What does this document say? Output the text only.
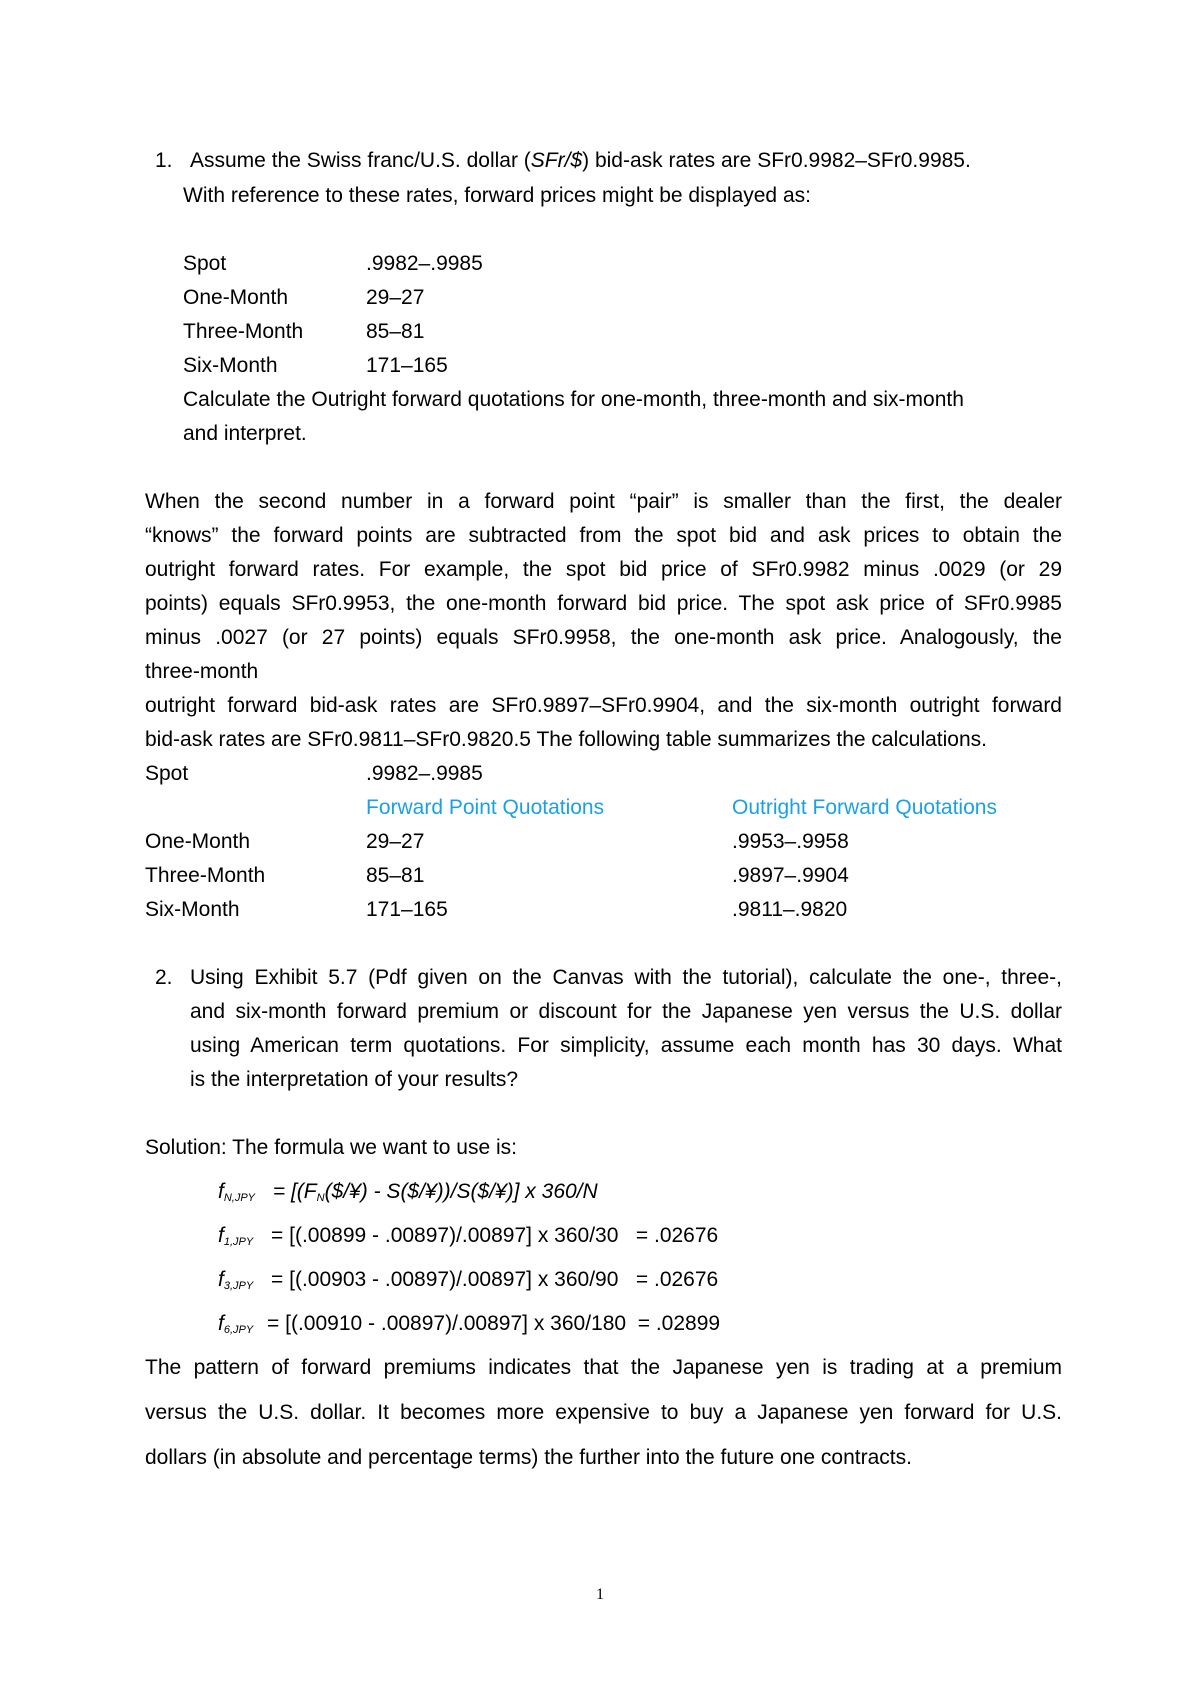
1. Assume the Swiss franc/U.S. dollar (SFr/$) bid-ask rates are SFr0.9982–SFr0.9985.
With reference to these rates, forward prices might be displayed as:
Spot	.9982–.9985
One-Month	29–27
Three-Month	85–81
Six-Month	171–165
Calculate the Outright forward quotations for one-month, three-month and six-month
and interpret.
When the second number in a forward point “pair” is smaller than the first, the dealer
“knows” the forward points are subtracted from the spot bid and ask prices to obtain the
outright forward rates. For example, the spot bid price of SFr0.9982 minus .0029 (or 29
points) equals SFr0.9953, the one-month forward bid price. The spot ask price of SFr0.9985
minus .0027 (or 27 points) equals SFr0.9958, the one-month ask price. Analogously, the
three-month
outright forward bid-ask rates are SFr0.9897–SFr0.9904, and the six-month outright forward
bid-ask rates are SFr0.9811–SFr0.9820.5 The following table summarizes the calculations.
Spot	.9982–.9985
Forward Point Quotations	Outright Forward Quotations
One-Month	29–27	.9953–.9958
Three-Month	85–81	.9897–.9904
Six-Month	171–165	.9811–.9820
2. Using Exhibit 5.7 (Pdf given on the Canvas with the tutorial), calculate the one-, three-,
and six-month forward premium or discount for the Japanese yen versus the U.S. dollar
using American term quotations. For simplicity, assume each month has 30 days. What
is the interpretation of your results?
Solution: The formula we want to use is:
$f_{N,JPY}$ = [($F_N(\$/¥)$ - S($/¥))/S($/¥)] x 360/N
$f_{1,JPY} = [(.00899 - .00897)/.00897]$ x 360/30   = .02676
$f_{3,JPY} = [(.00903 - .00897)/.00897]$ x 360/90   = .02676
$f_{6,JPY} = [(.00910 - .00897)/.00897]$ x 360/180  = .02899
The pattern of forward premiums indicates that the Japanese yen is trading at a premium
versus the U.S. dollar. It becomes more expensive to buy a Japanese yen forward for U.S.
dollars (in absolute and percentage terms) the further into the future one contracts.
1
